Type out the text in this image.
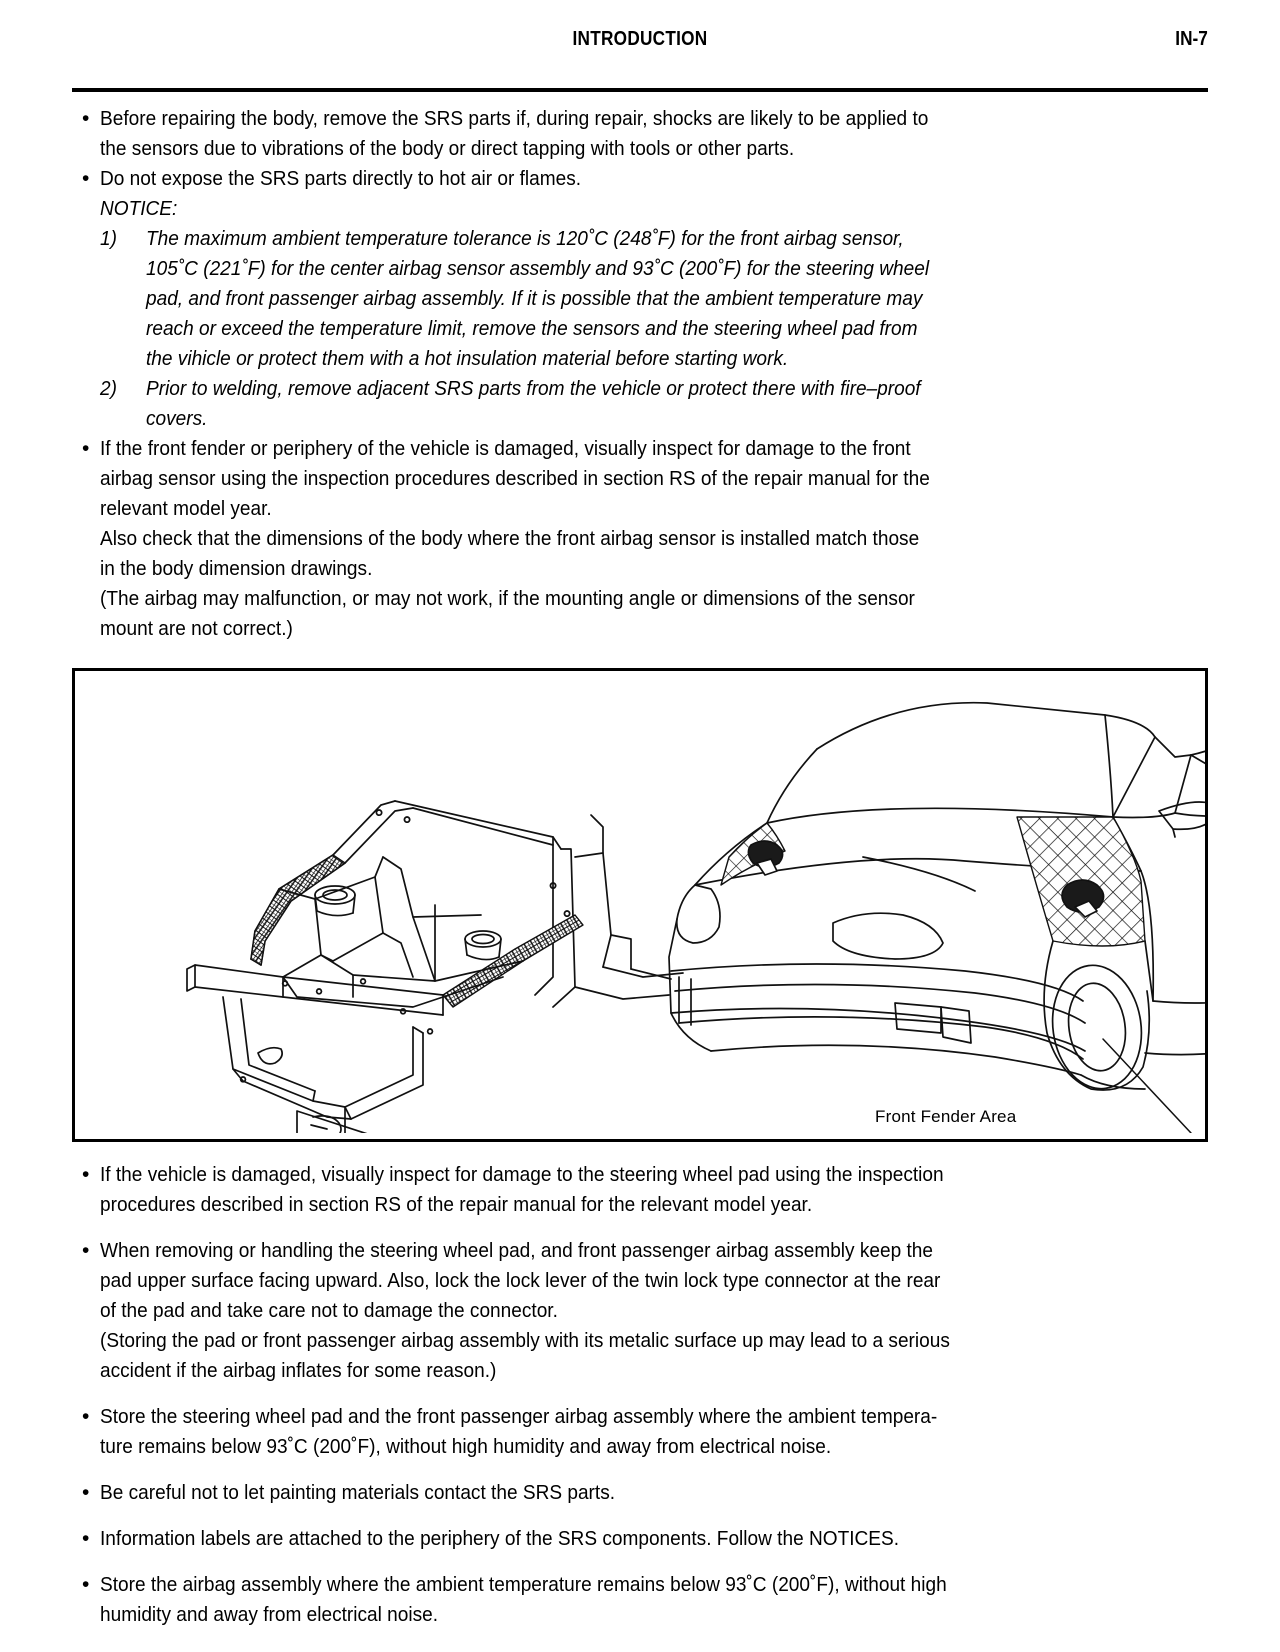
INTRODUCTION	IN-7
• Before repairing the body, remove the SRS parts if, during repair, shocks are likely to be applied to
the sensors due to vibrations of the body or direct tapping with tools or other parts.
• Do not expose the SRS parts directly to hot air or flames.
NOTICE:
1)	The maximum ambient temperature tolerance is 120˚C (248˚F) for the front airbag sensor,
105˚C (221˚F) for the center airbag sensor assembly and 93˚C (200˚F) for the steering wheel
pad, and front passenger airbag assembly. If it is possible that the ambient temperature may
reach or exceed the temperature limit, remove the sensors and the steering wheel pad from
the vihicle or protect them with a hot insulation material before starting work.
2)	Prior to welding, remove adjacent SRS parts from the vehicle or protect there with fire–proof
covers.
• If the front fender or periphery of the vehicle is damaged, visually inspect for damage to the front
airbag sensor using the inspection procedures described in section RS of the repair manual for the
relevant model year.
Also check that the dimensions of the body where the front airbag sensor is installed match those
in the body dimension drawings.
(The airbag may malfunction, or may not work, if the mounting angle or dimensions of the sensor
mount are not correct.)
Front Fender Area
• If the vehicle is damaged, visually inspect for damage to the steering wheel pad using the inspection
procedures described in section RS of the repair manual for the relevant model year.
• When removing or handling the steering wheel pad, and front passenger airbag assembly keep the
pad upper surface facing upward. Also, lock the lock lever of the twin lock type connector at the rear
of the pad and take care not to damage the connector.
(Storing the pad or front passenger airbag assembly with its metalic surface up may lead to a serious
accident if the airbag inflates for some reason.)
• Store the steering wheel pad and the front passenger airbag assembly where the ambient tempera-
ture remains below 93˚C (200˚F), without high humidity and away from electrical noise.
• Be careful not to let painting materials contact the SRS parts.
• Information labels are attached to the periphery of the SRS components. Follow the NOTICES.
• Store the airbag assembly where the ambient temperature remains below 93˚C (200˚F), without high
humidity and away from electrical noise.
